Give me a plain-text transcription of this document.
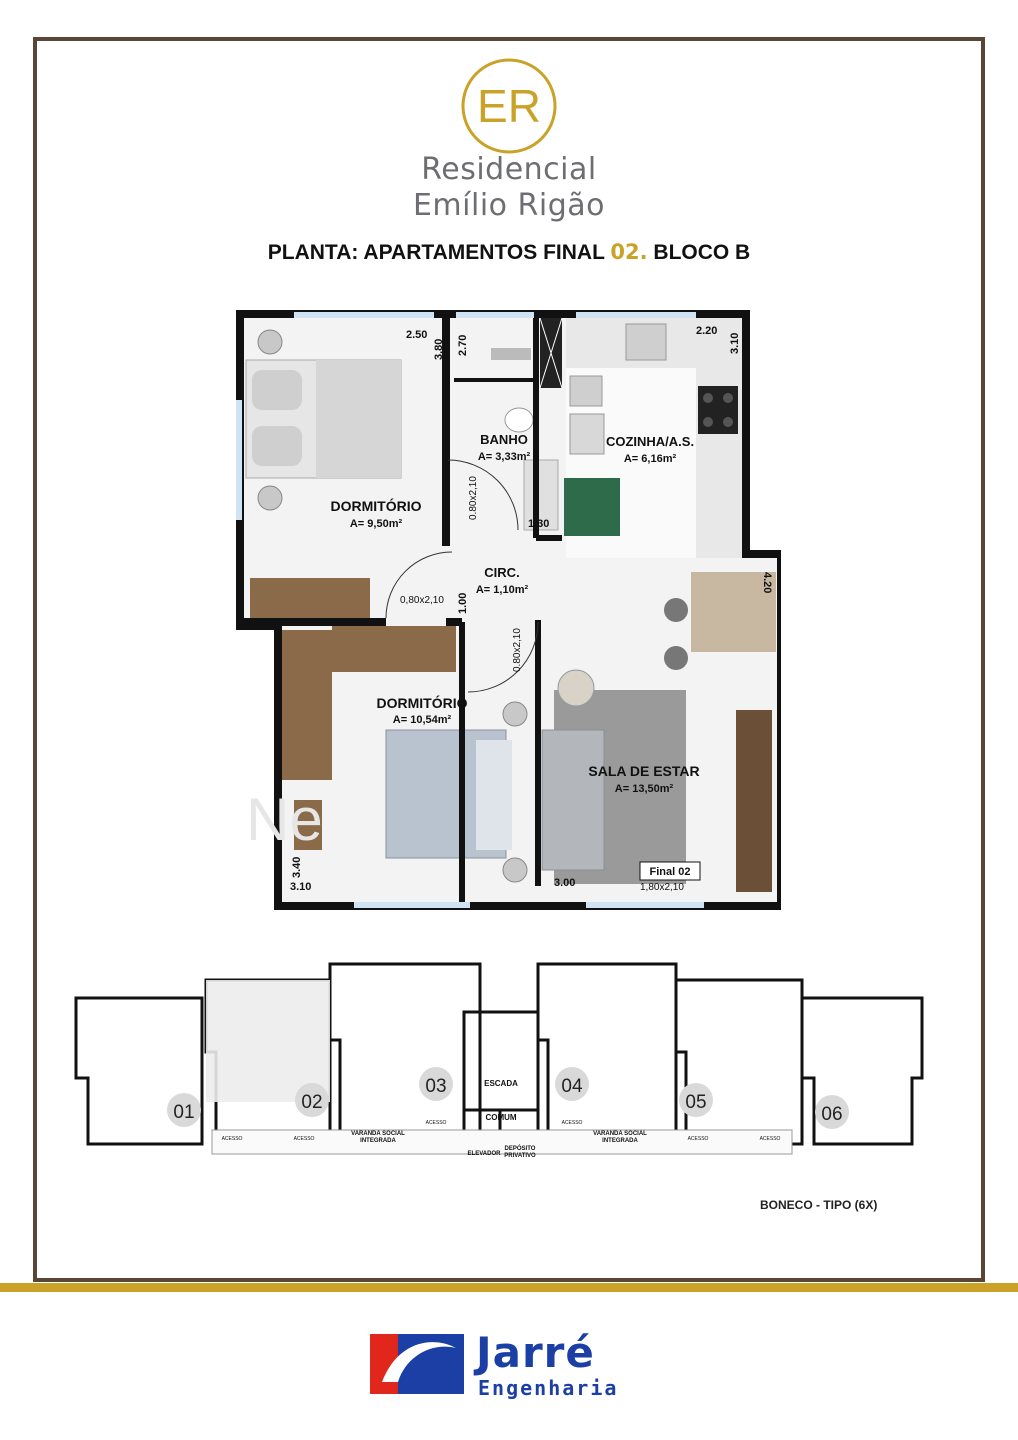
ER
Residencial
Emílio Rigão
PLANTA: APARTAMENTOS FINAL 02. BLOCO B
Ne
DORMITÓRIO
A= 9,50m²
BANHO
A= 3,33m²
COZINHA/A.S.
A= 6,16m²
CIRC.
A= 1,10m²
DORMITÓRIO
A= 10,54m²
SALA DE ESTAR
A= 13,50m²
2.50
3.80 2.70
2.20
3.10
1.30
4.20
1.00
3.40
3.10	3.00
0.80x2,10
0,80x2,10
0.80x2,10
1,80x2,10
Final 02
01	02
03	04
05
06
ESCADA
COMUM
ELEVADOR
DEPÓSITO
PRIVATIVO
VARANDA SOCIAL
INTEGRADA
VARANDA SOCIAL
INTEGRADA
ACESSO	ACESSO
ACESSO	ACESSO
ACESSO	ACESSO
BONECO - TIPO (6X)
Jarré
Engenharia
